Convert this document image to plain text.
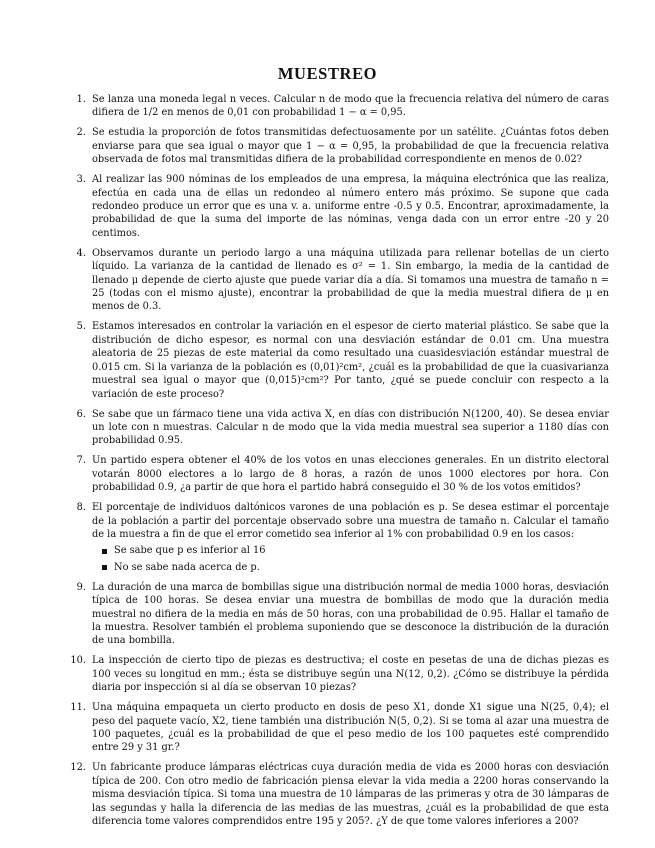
MUESTREO
1. Se lanza una moneda legal n veces. Calcular n de modo que la frecuencia relativa del número de caras difiera de 1/2 en menos de 0,01 con probabilidad 1 − α = 0,95.
2. Se estudia la proporción de fotos transmitidas defectuosamente por un satélite. ¿Cuántas fotos deben enviarse para que sea igual o mayor que 1 − α = 0,95, la probabilidad de que la frecuencia relativa observada de fotos mal transmitidas difiera de la probabilidad correspondiente en menos de 0.02?
3. Al realizar las 900 nóminas de los empleados de una empresa, la máquina electrónica que las realiza, efectúa en cada una de ellas un redondeo al número entero más próximo. Se supone que cada redondeo produce un error que es una v. a. uniforme entre -0.5 y 0.5. Encontrar, aproximadamente, la probabilidad de que la suma del importe de las nóminas, venga dada con un error entre -20 y 20 centimos.
4. Observamos durante un periodo largo a una máquina utilizada para rellenar botellas de un cierto líquido. La varianza de la cantidad de llenado es σ² = 1. Sin embargo, la media de la cantidad de llenado μ depende de cierto ajuste que puede variar día a día. Si tomamos una muestra de tamaño n = 25 (todas con el mismo ajuste), encontrar la probabilidad de que la media muestral difiera de μ en menos de 0.3.
5. Estamos interesados en controlar la variación en el espesor de cierto material plástico. Se sabe que la distribución de dicho espesor, es normal con una desviación estándar de 0.01 cm. Una muestra aleatoria de 25 piezas de este material da como resultado una cuasidesviación estándar muestral de 0.015 cm. Si la varianza de la población es (0,01)²cm², ¿cuál es la probabilidad de que la cuasivarianza muestral sea igual o mayor que (0,015)²cm²? Por tanto, ¿qué se puede concluir con respecto a la variación de este proceso?
6. Se sabe que un fármaco tiene una vida activa X, en días con distribución N(1200, 40). Se desea enviar un lote con n muestras. Calcular n de modo que la vida media muestral sea superior a 1180 días con probabilidad 0.95.
7. Un partido espera obtener el 40% de los votos en unas elecciones generales. En un distrito electoral votarán 8000 electores a lo largo de 8 horas, a razón de unos 1000 electores por hora. Con probabilidad 0.9, ¿a partir de que hora el partido habrá conseguido el 30 % de los votos emitidos?
8. El porcentaje de individuos daltónicos varones de una población es p. Se desea estimar el porcentaje de la población a partir del porcentaje observado sobre una muestra de tamaño n. Calcular el tamaño de la muestra a fin de que el error cometido sea inferior al 1% con probabilidad 0.9 en los casos:
Se sabe que p es inferior al 16
No se sabe nada acerca de p.
9. La duración de una marca de bombillas sigue una distribución normal de media 1000 horas, desviación típica de 100 horas. Se desea enviar una muestra de bombillas de modo que la duración media muestral no difiera de la media en más de 50 horas, con una probabilidad de 0.95. Hallar el tamaño de la muestra. Resolver también el problema suponiendo que se desconoce la distribución de la duración de una bombilla.
10. La inspección de cierto tipo de piezas es destructiva; el coste en pesetas de una de dichas piezas es 100 veces su longitud en mm.; ésta se distribuye según una N(12, 0,2). ¿Cómo se distribuye la pérdida diaria por inspección si al día se observan 10 piezas?
11. Una máquina empaqueta un cierto producto en dosis de peso X1, donde X1 sigue una N(25, 0,4); el peso del paquete vacío, X2, tiene también una distribución N(5, 0,2). Si se toma al azar una muestra de 100 paquetes, ¿cuál es la probabilidad de que el peso medio de los 100 paquetes esté comprendido entre 29 y 31 gr.?
12. Un fabricante produce lámparas eléctricas cuya duración media de vida es 2000 horas con desviación típica de 200. Con otro medio de fabricación piensa elevar la vida media a 2200 horas conservando la misma desviación típica. Si toma una muestra de 10 lámparas de las primeras y otra de 30 lámparas de las segundas y halla la diferencia de las medias de las muestras, ¿cuál es la probabilidad de que esta diferencia tome valores comprendidos entre 195 y 205?. ¿Y de que tome valores inferiores a 200?
